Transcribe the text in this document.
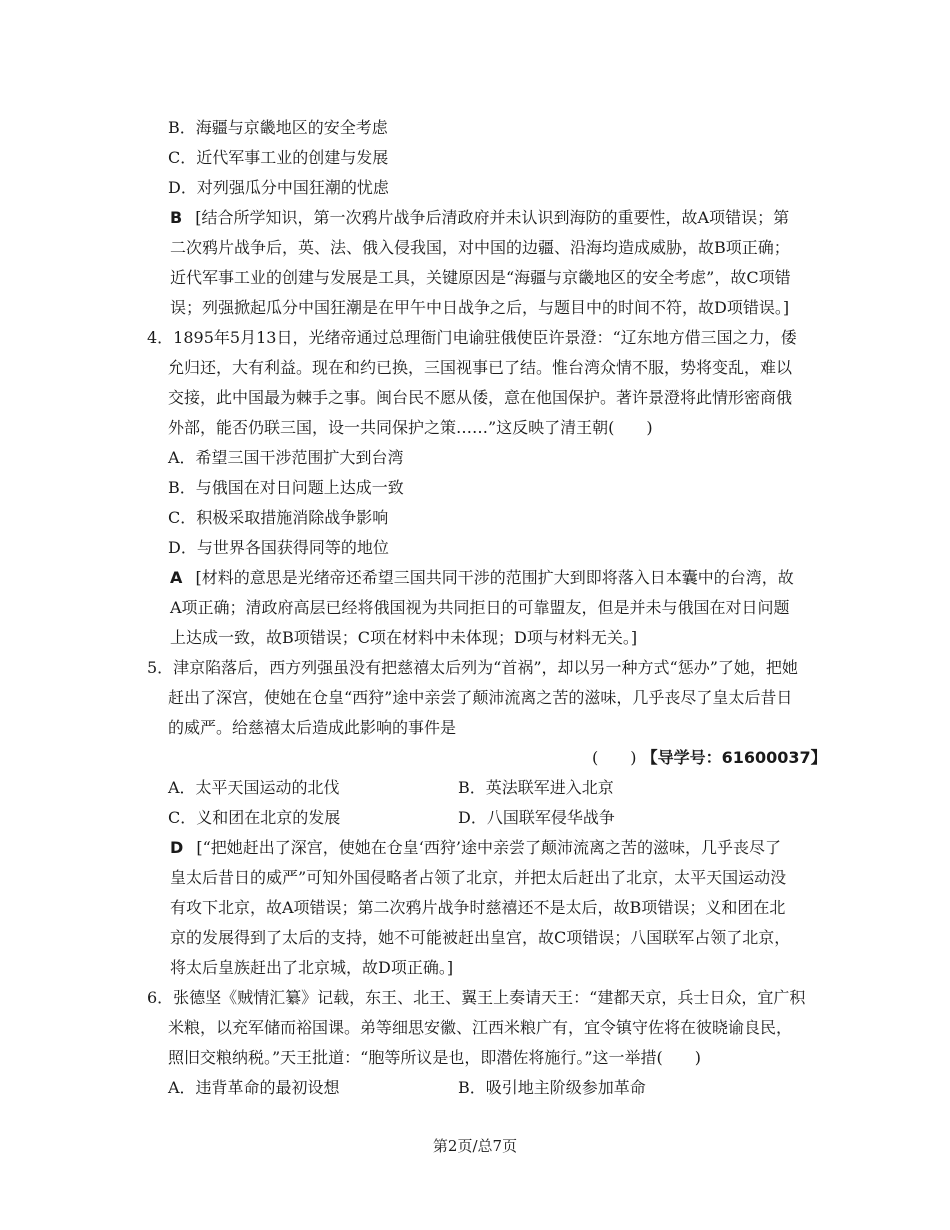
B．海疆与京畿地区的安全考虑
C．近代军事工业的创建与发展
D．对列强瓜分中国狂潮的忧虑
B [结合所学知识，第一次鸦片战争后清政府并未认识到海防的重要性，故A项错误；第
二次鸦片战争后，英、法、俄入侵我国，对中国的边疆、沿海均造成威胁，故B项正确；
近代军事工业的创建与发展是工具，关键原因是“海疆与京畿地区的安全考虑”，故C项错
误；列强掀起瓜分中国狂潮是在甲午中日战争之后，与题目中的时间不符，故D项错误。]
4．1895年5月13日，光绪帝通过总理衙门电谕驻俄使臣许景澄：“辽东地方借三国之力，倭
允归还，大有利益。现在和约已换，三国视事已了结。惟台湾众情不服，势将变乱，难以
交接，此中国最为棘手之事。闽台民不愿从倭，意在他国保护。著许景澄将此情形密商俄
外部，能否仍联三国，设一共同保护之策……”这反映了清王朝(　　)
A．希望三国干涉范围扩大到台湾
B．与俄国在对日问题上达成一致
C．积极采取措施消除战争影响
D．与世界各国获得同等的地位
A [材料的意思是光绪帝还希望三国共同干涉的范围扩大到即将落入日本囊中的台湾，故
A项正确；清政府高层已经将俄国视为共同拒日的可靠盟友，但是并未与俄国在对日问题
上达成一致，故B项错误；C项在材料中未体现；D项与材料无关。]
5．津京陷落后，西方列强虽没有把慈禧太后列为“首祸”，却以另一种方式“惩办”了她，把她
赶出了深宫，使她在仓皇“西狩”途中亲尝了颠沛流离之苦的滋味，几乎丧尽了皇太后昔日
的威严。给慈禧太后造成此影响的事件是
(　　) 【导学号：61600037】
A．太平天国运动的北伐	B．英法联军进入北京
C．义和团在北京的发展	D．八国联军侵华战争
D [“把她赶出了深宫，使她在仓皇‘西狩’途中亲尝了颠沛流离之苦的滋味，几乎丧尽了
皇太后昔日的威严”可知外国侵略者占领了北京，并把太后赶出了北京，太平天国运动没
有攻下北京，故A项错误；第二次鸦片战争时慈禧还不是太后，故B项错误；义和团在北
京的发展得到了太后的支持，她不可能被赶出皇宫，故C项错误；八国联军占领了北京，
将太后皇族赶出了北京城，故D项正确。]
6．张德坚《贼情汇纂》记载，东王、北王、翼王上奏请天王：“建都天京，兵士日众，宜广积
米粮，以充军储而裕国课。弟等细思安徽、江西米粮广有，宜令镇守佐将在彼晓谕良民，
照旧交粮纳税。”天王批道：“胞等所议是也，即潜佐将施行。”这一举措(　　)
A．违背革命的最初设想	B．吸引地主阶级参加革命
第2页/总7页
